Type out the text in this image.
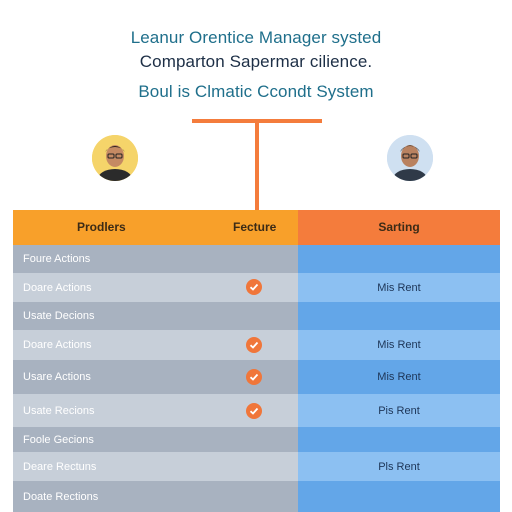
Leanur Orentice Manager systed
Comparton Sapermar cilience.
Boul is Clmatic Ccondt System
Prodlers	Fecture
Foure Actions
Doare Actions
Usate Decions
Doare Actions
Usare Actions
Usate Recions
Foole Gecions
Deare Rectuns
Doate Rections
Sarting
Mis Rent
Mis Rent
Mis Rent
Pis Rent
Pls Rent
